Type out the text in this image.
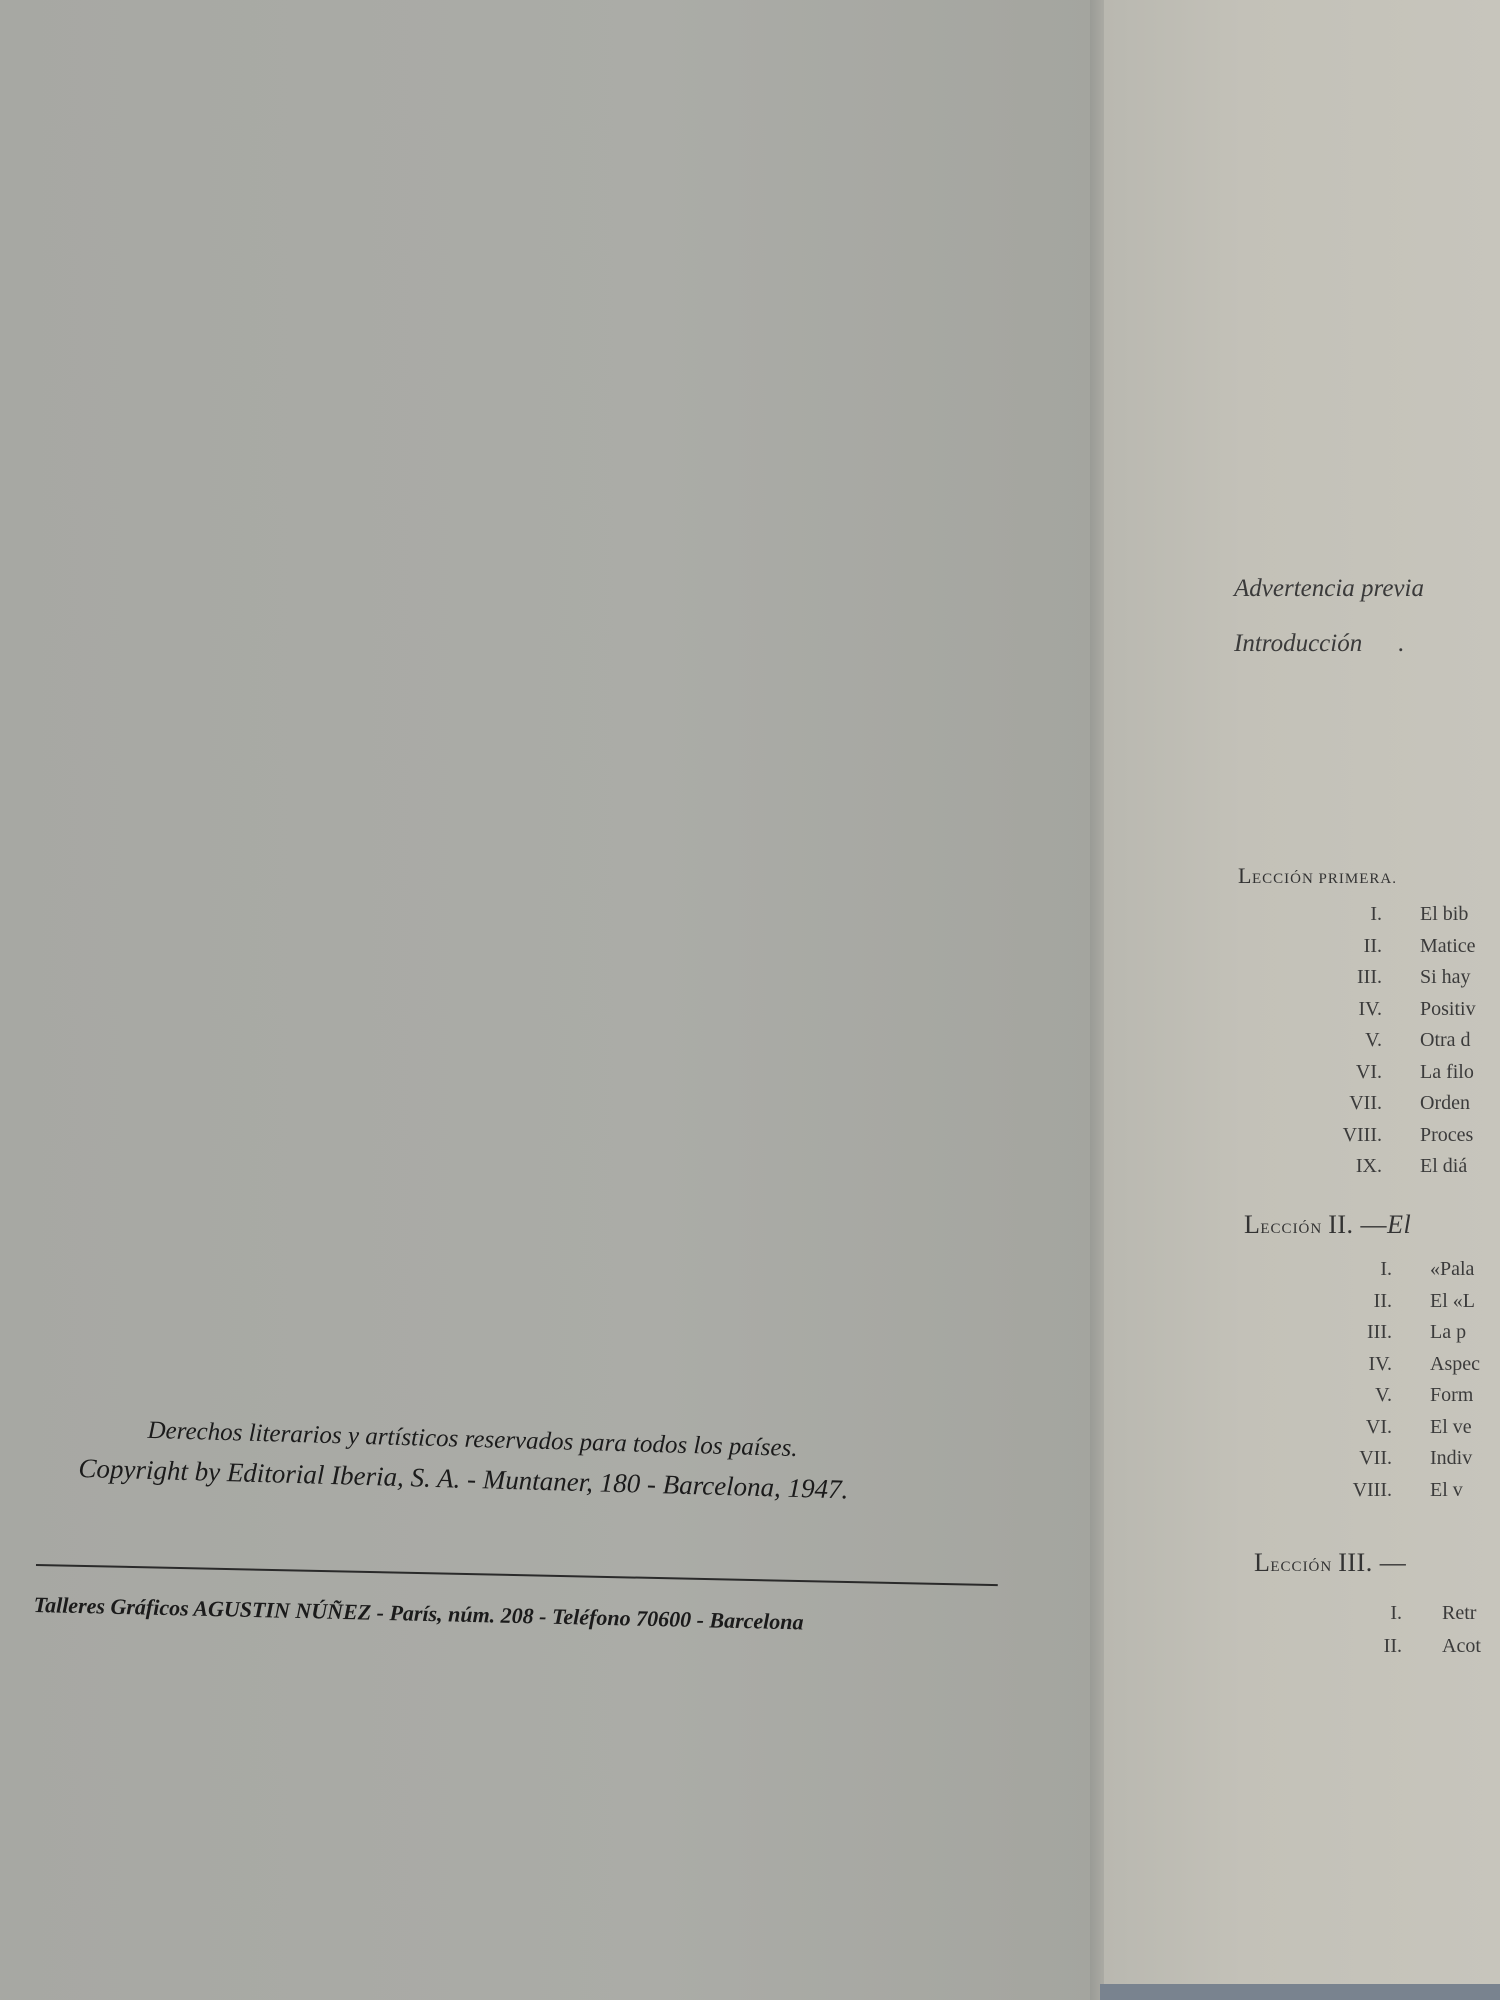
Derechos literarios y artísticos reservados para todos los países.
Copyright by Editorial Iberia, S. A. - Muntaner, 180 - Barcelona, 1947.
Talleres Gráficos AGUSTIN NÚÑEZ - París, núm. 208 - Teléfono 70600 - Barcelona
Advertencia previa
Introducción .
LECCIÓN PRIMERA.
I. El bib
II. Matice
III. Si hay
IV. Positiv
V. Otra d
VI. La filo
VII. Orden
VIII. Proces
IX. El diá
LECCIÓN II. —El
I. «Pala
II. El «L
III. La p
IV. Aspec
V. Form
VI. El ve
VII. Indiv
VIII. El v
LECCIÓN III. —
I. Retr
II. Acot
